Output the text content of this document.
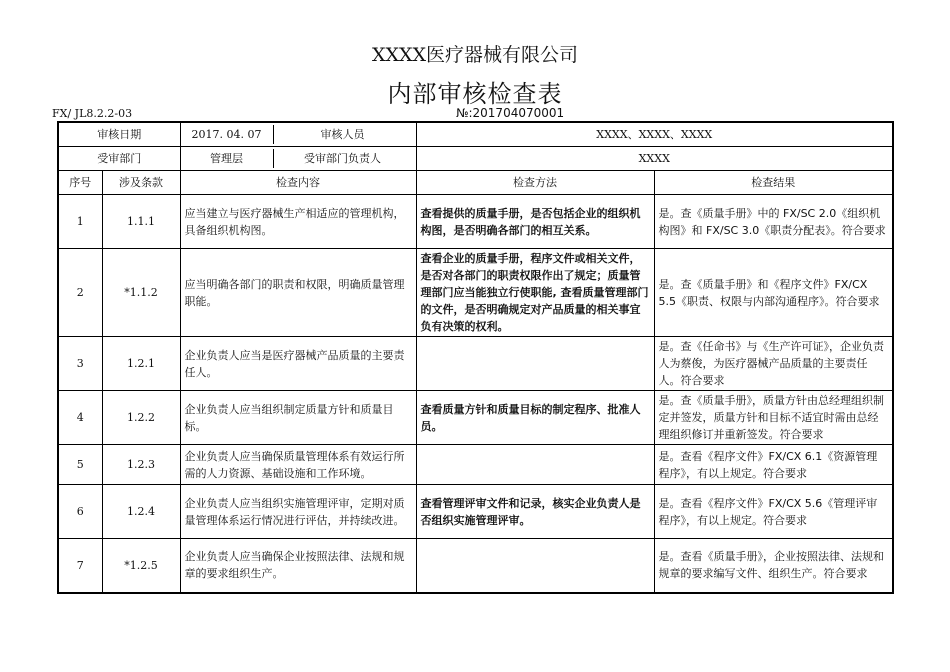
XXXX医疗器械有限公司
内部审核检查表
FX/ JL8.2.2-03	№:201704070001
审核日期		2017. 04. 07 审核人员	XXXX、XXXX、XXXX	
受审部门		管理层 受审部门负责人	XXXX	
序号	涉及条款	检查内容	检查方法	检查结果
1	1.1.1	应当建立与医疗器械生产相适应的管理机构，具备组织机构图。	查看提供的质量手册，是否包括企业的组织机构图，是否明确各部门的相互关系。	是。查《质量手册》中的 FX/SC 2.0《组织机构图》和 FX/SC 3.0《职责分配表》。符合要求
2	*1.1.2	应当明确各部门的职责和权限，明确质量管理职能。	查看企业的质量手册，程序文件或相关文件，是否对各部门的职责权限作出了规定；质量管理部门应当能独立行使职能, 查看质量管理部门的文件，是否明确规定对产品质量的相关事宜负有决策的权利。	是。查《质量手册》和《程序文件》FX/CX 5.5《职责、权限与内部沟通程序》。符合要求
3	1.2.1	企业负责人应当是医疗器械产品质量的主要责任人。		是。查《任命书》与《生产许可证》，企业负责人为蔡俊，为医疗器械产品质量的主要责任人。符合要求
4	1.2.2	企业负责人应当组织制定质量方针和质量目标。	查看质量方针和质量目标的制定程序、批准人员。	是。查《质量手册》，质量方针由总经理组织制定并签发，质量方针和目标不适宜时需由总经理组织修订并重新签发。符合要求
5	1.2.3	企业负责人应当确保质量管理体系有效运行所需的人力资源、基础设施和工作环境。		是。查看《程序文件》FX/CX 6.1《资源管理程序》，有以上规定。符合要求
6	1.2.4	企业负责人应当组织实施管理评审，定期对质量管理体系运行情况进行评估，并持续改进。	查看管理评审文件和记录，核实企业负责人是否组织实施管理评审。	是。查看《程序文件》FX/CX 5.6《管理评审程序》，有以上规定。符合要求
7	*1.2.5	企业负责人应当确保企业按照法律、法规和规章的要求组织生产。		是。查看《质量手册》，企业按照法律、法规和规章的要求编写文件、组织生产。符合要求
